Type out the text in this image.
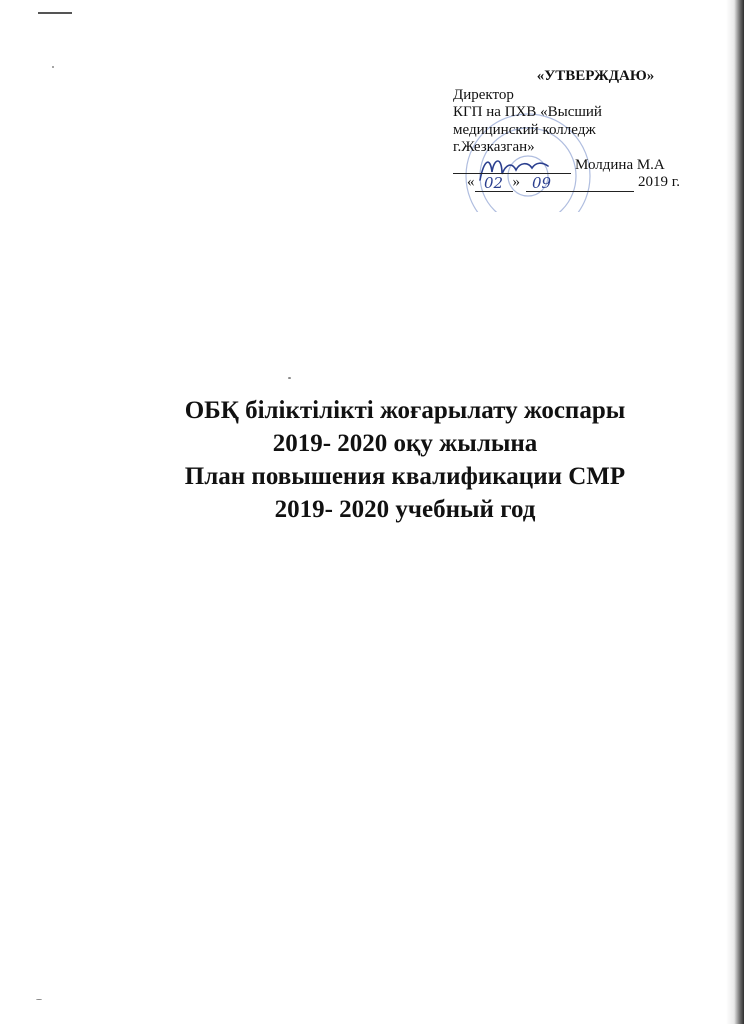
«УТВЕРЖДАЮ»
Директор
КГП на ПХВ «Высший
медицинский колледж
г.Жезказган»
Молдина М.А
« 02 » 09	2019 г.
ОБҚ біліктілікті жоғарылату жоспары
2019- 2020 оқу жылына
План повышения квалификации СМР
2019- 2020 учебный год
